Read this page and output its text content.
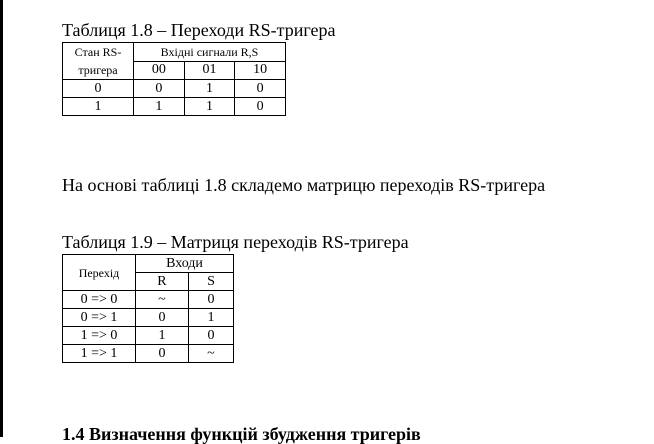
Таблиця 1.8 – Переходи RS-тригера
Стан RS-
тригера	Вхідні сигнали R,S		
	00	01	10
0	0	1	0
1	1	1	0
На основі таблиці 1.8 складемо матрицю переходів RS-тригера
Таблиця 1.9 – Матриця переходів RS-тригера
Перехід	Входи	
	R	S
0 => 0	~	0
0 => 1	0	1
1 => 0	1	0
1 => 1	0	~
1.4 Визначення функцій збудження тригерів
